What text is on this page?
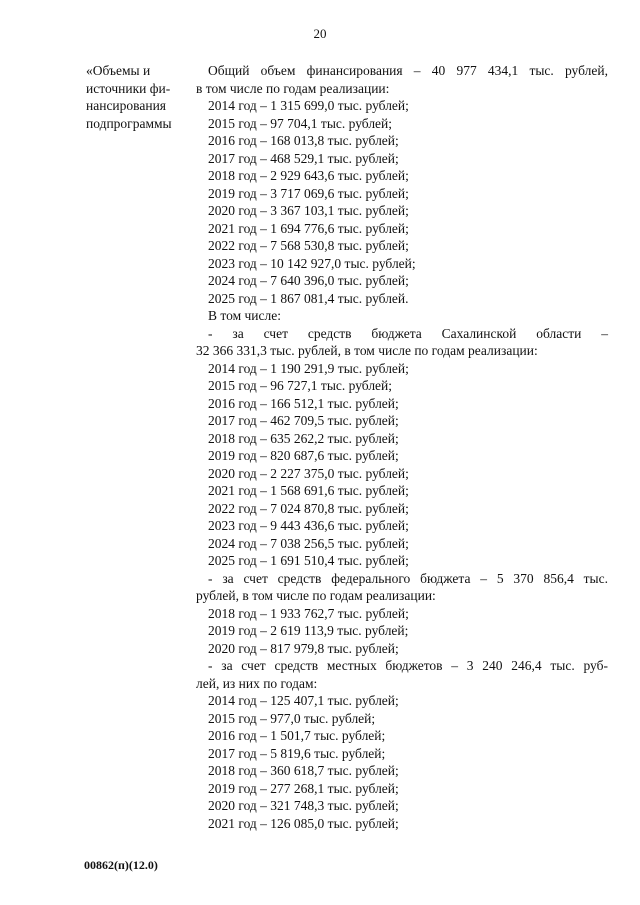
20
«Объемы и
источники фи-
нансирования
подпрограммы
Общий объем финансирования – 40 977 434,1 тыс. рублей,
в том числе по годам реализации:
2014 год – 1 315 699,0 тыс. рублей;
2015 год – 97 704,1 тыс. рублей;
2016 год – 168 013,8 тыс. рублей;
2017 год – 468 529,1 тыс. рублей;
2018 год – 2 929 643,6 тыс. рублей;
2019 год – 3 717 069,6 тыс. рублей;
2020 год – 3 367 103,1 тыс. рублей;
2021 год – 1 694 776,6 тыс. рублей;
2022 год – 7 568 530,8 тыс. рублей;
2023 год – 10 142 927,0 тыс. рублей;
2024 год – 7 640 396,0 тыс. рублей;
2025 год – 1 867 081,4 тыс. рублей.
В том числе:
- за счет средств бюджета Сахалинской области –
32 366 331,3 тыс. рублей, в том числе по годам реализации:
2014 год – 1 190 291,9 тыс. рублей;
2015 год – 96 727,1 тыс. рублей;
2016 год – 166 512,1 тыс. рублей;
2017 год – 462 709,5 тыс. рублей;
2018 год – 635 262,2 тыс. рублей;
2019 год – 820 687,6 тыс. рублей;
2020 год – 2 227 375,0 тыс. рублей;
2021 год – 1 568 691,6 тыс. рублей;
2022 год – 7 024 870,8 тыс. рублей;
2023 год – 9 443 436,6 тыс. рублей;
2024 год – 7 038 256,5 тыс. рублей;
2025 год – 1 691 510,4 тыс. рублей;
- за счет средств федерального бюджета – 5 370 856,4 тыс.
рублей, в том числе по годам реализации:
2018 год – 1 933 762,7 тыс. рублей;
2019 год – 2 619 113,9 тыс. рублей;
2020 год – 817 979,8 тыс. рублей;
- за счет средств местных бюджетов – 3 240 246,4 тыс. руб-
лей, из них по годам:
2014 год – 125 407,1 тыс. рублей;
2015 год – 977,0 тыс. рублей;
2016 год – 1 501,7 тыс. рублей;
2017 год – 5 819,6 тыс. рублей;
2018 год – 360 618,7 тыс. рублей;
2019 год – 277 268,1 тыс. рублей;
2020 год – 321 748,3 тыс. рублей;
2021 год – 126 085,0 тыс. рублей;
00862(п)(12.0)
